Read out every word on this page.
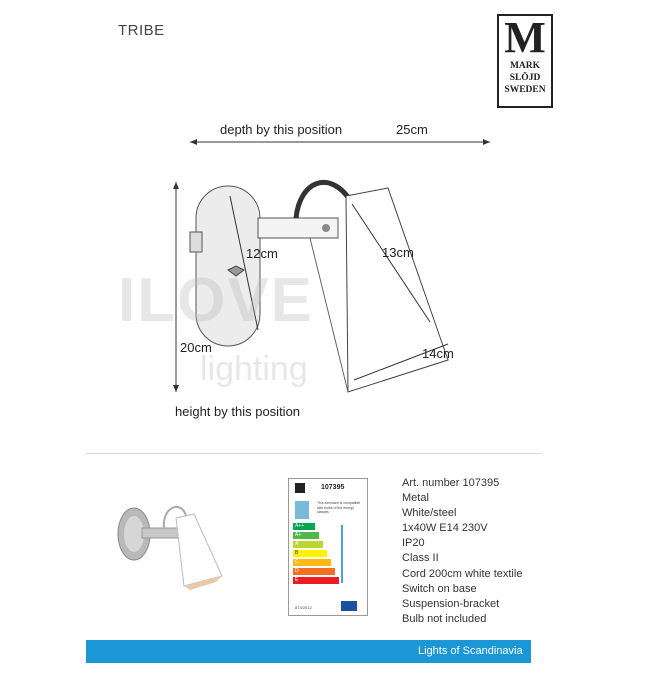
TRIBE	M
MARK
SLÖJD
SWEDEN
depth by this position	25cm
20cm
height by this position
12cm	13cm
14cm
ILOVE
lighting
107395
This luminaire is compatible with bulbs of the energy classes:
A++
A+
A
B
C
D
E
874/2012
Art. number 107395
Metal
White/steel
1x40W E14 230V
IP20
Class II
Cord 200cm white textile
Switch on base
Suspension-bracket
Bulb not included
Lights of Scandinavia
